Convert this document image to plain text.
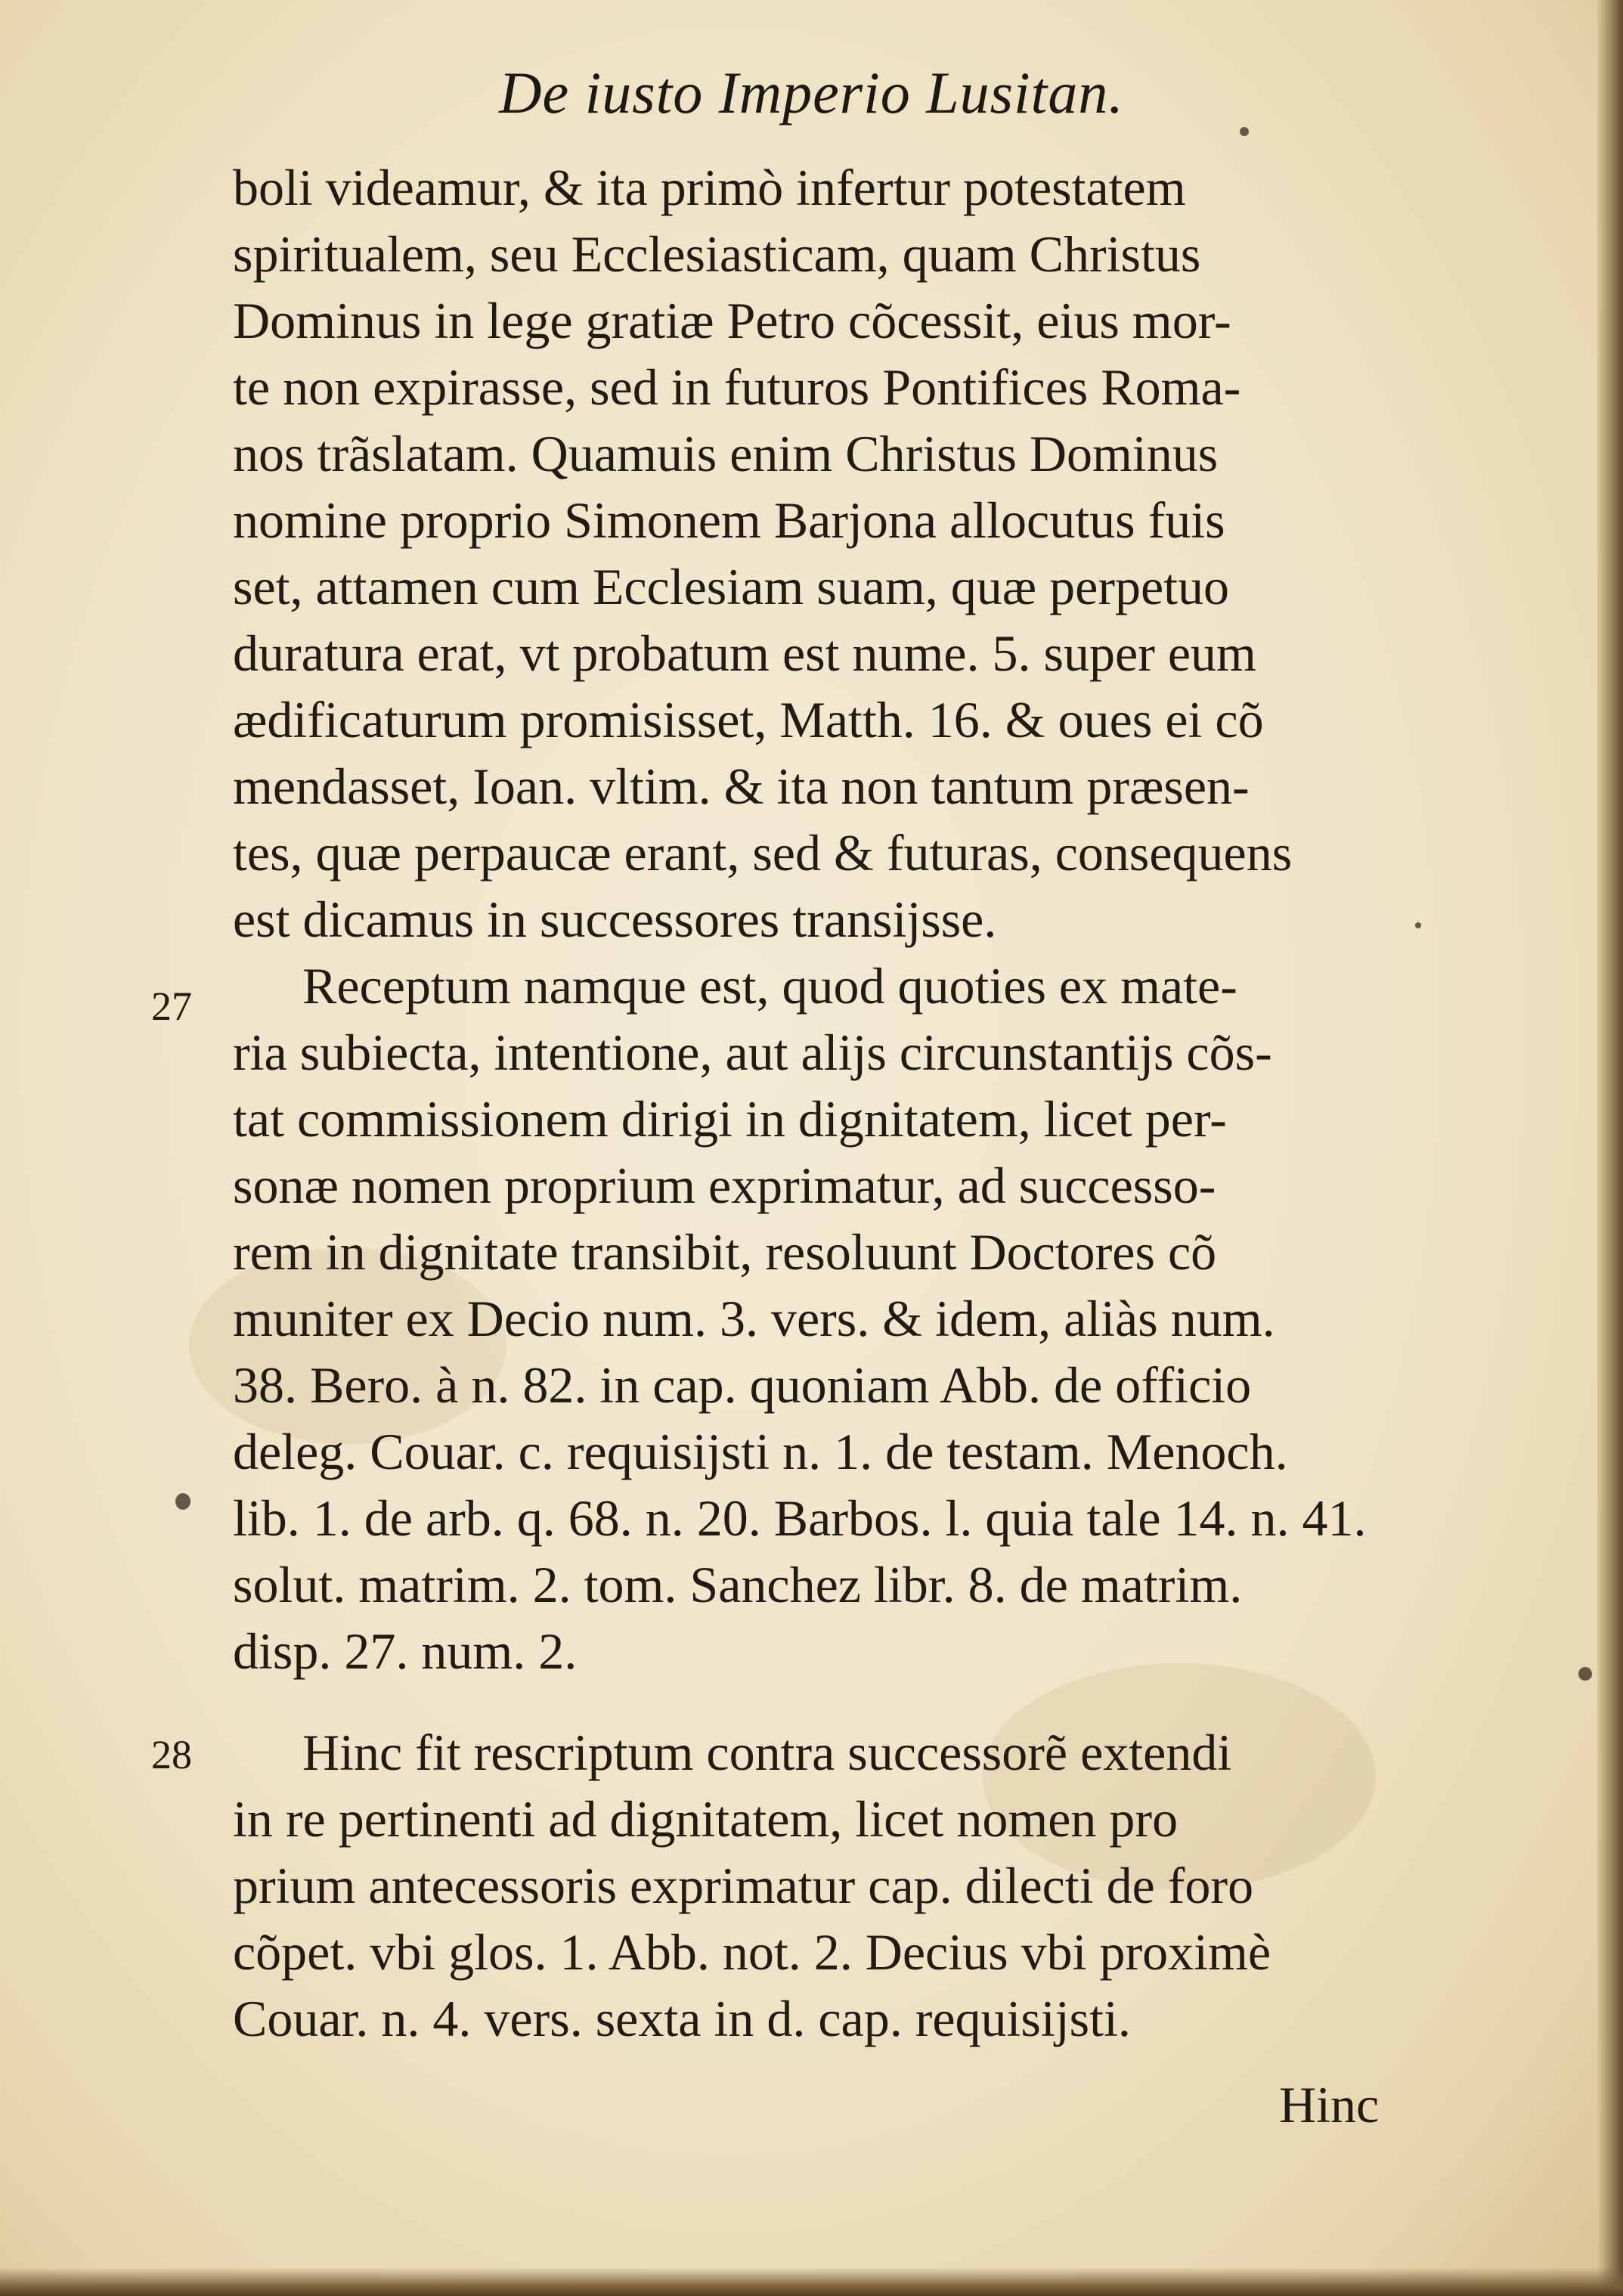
De iusto Imperio Lusitan.
boli videamur, & ita primò infertur potestatem
spiritualem, seu Ecclesiasticam, quam Christus
Dominus in lege gratiæ Petro cõcessit, eius mor-
te non expirasse, sed in futuros Pontifices Roma-
nos trãslatam. Quamuis enim Christus Dominus
nomine proprio Simonem Barjona allocutus fuis
set, attamen cum Ecclesiam suam, quæ perpetuo
duratura erat, vt probatum est nume. 5. super eum
ædificaturum promisisset, Matth. 16. & oues ei cõ
mendasset, Ioan. vltim. & ita non tantum præsen-
tes, quæ perpaucæ erant, sed & futuras, consequens
est dicamus in successores transijsse.
27 Receptum namque est, quod quoties ex mate-
ria subiecta, intentione, aut alijs circunstantijs cõs-
tat commissionem dirigi in dignitatem, licet per-
sonæ nomen proprium exprimatur, ad successo-
rem in dignitate transibit, resoluunt Doctores cõ
muniter ex Decio num. 3. vers. & idem, aliàs num.
38. Bero. à n. 82. in cap. quoniam Abb. de officio
deleg. Couar. c. requisijsti n. 1. de testam. Menoch.
lib. 1. de arb. q. 68. n. 20. Barbos. l. quia tale 14. n. 41.
solut. matrim. 2. tom. Sanchez libr. 8. de matrim.
disp. 27. num. 2.
28 Hinc fit rescriptum contra successorẽ extendi
in re pertinenti ad dignitatem, licet nomen pro
prium antecessoris exprimatur cap. dilecti de foro
cõpet. vbi glos. 1. Abb. not. 2. Decius vbi proximè
Couar. n. 4. vers. sexta in d. cap. requisijsti.
Hinc
